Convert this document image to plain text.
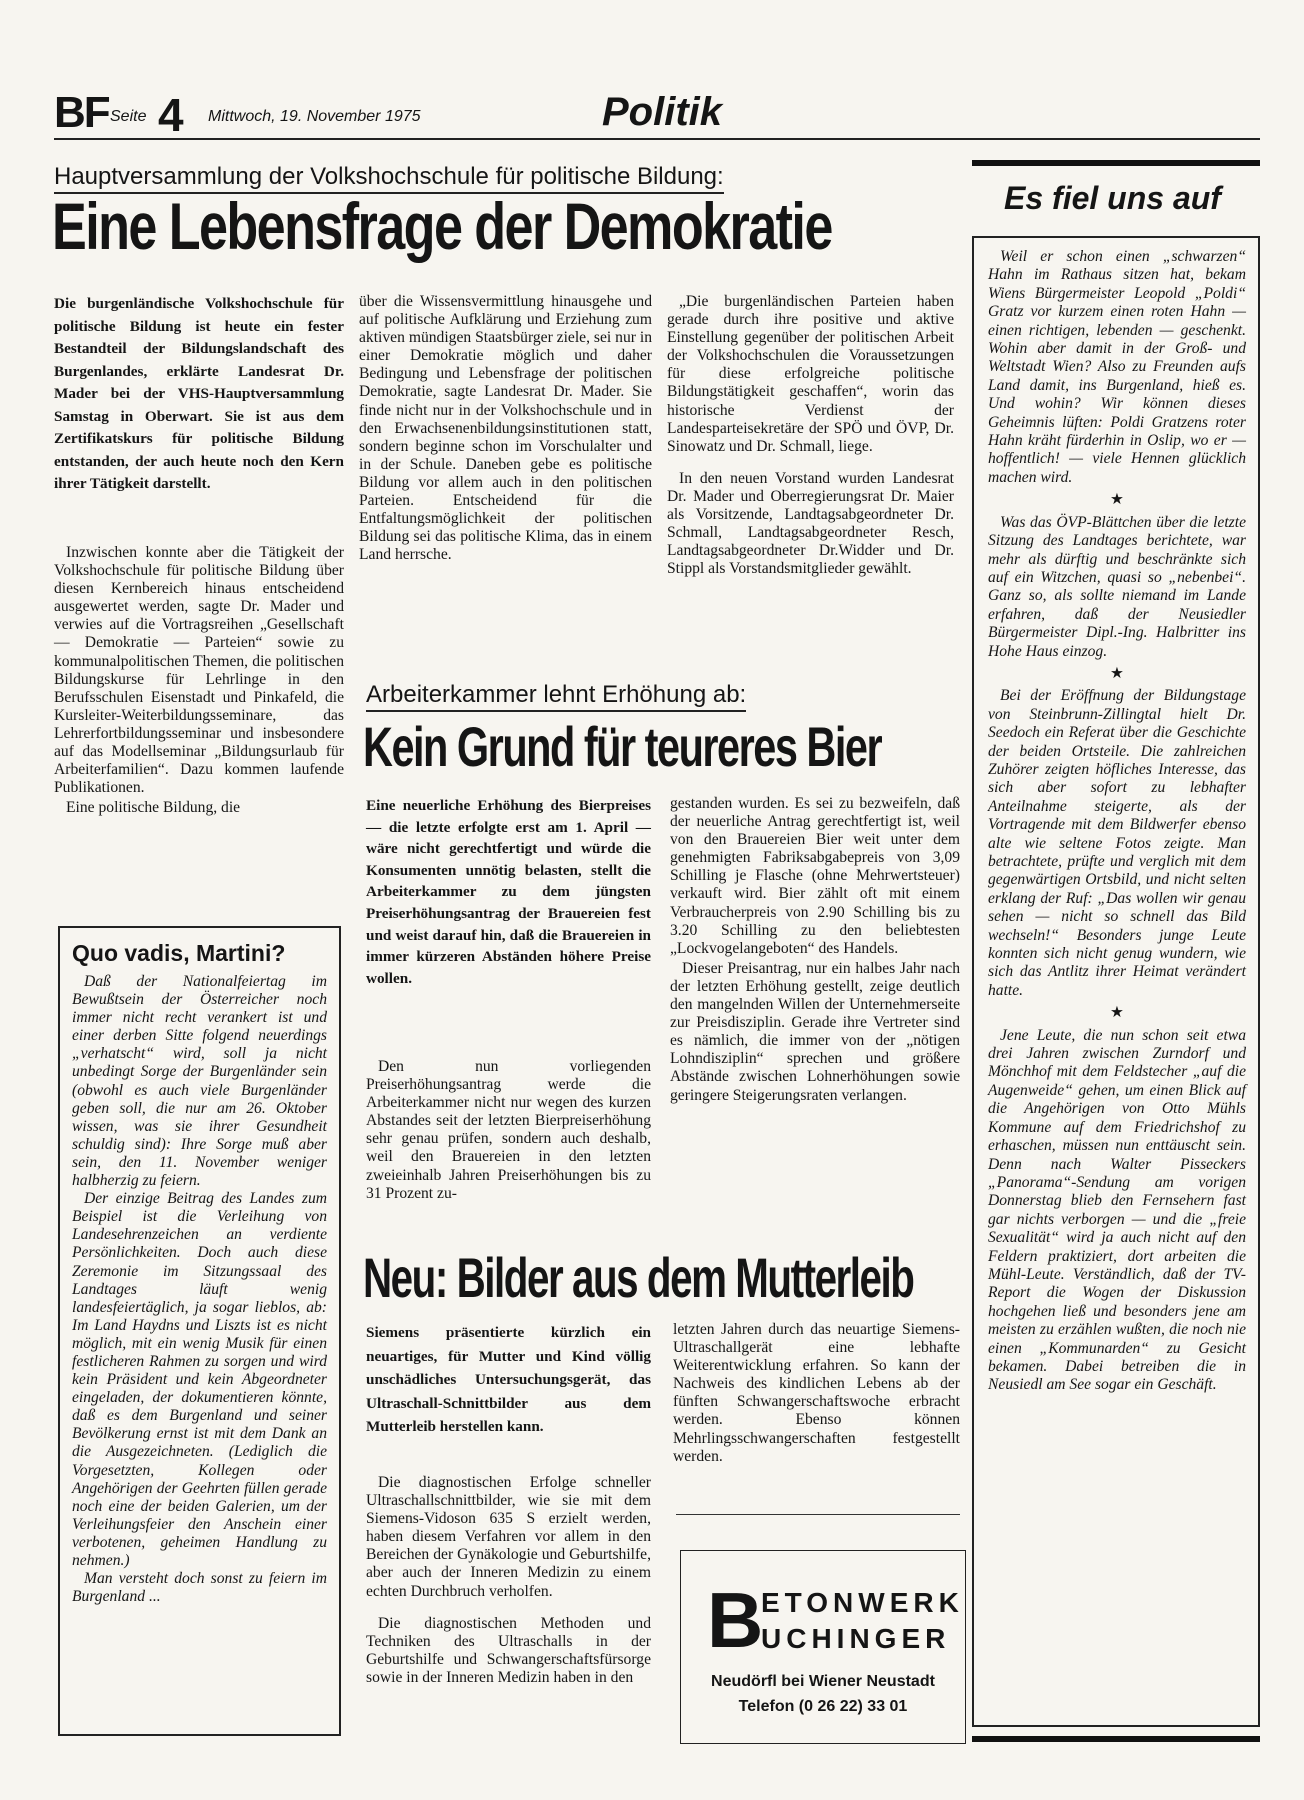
BF Seite 4 Mittwoch, 19. November 1975	Politik
Hauptversammlung der Volkshochschule für politische Bildung:
Eine Lebensfrage der Demokratie
Die burgenländische Volkshochschule für politische Bildung ist heute ein fester Bestandteil der Bildungslandschaft des Burgenlandes, erklärte Landesrat Dr. Mader bei der VHS-Hauptversammlung Samstag in Oberwart. Sie ist aus dem Zertifikatskurs für politische Bildung entstanden, der auch heute noch den Kern ihrer Tätigkeit darstellt.

Inzwischen konnte aber die Tätigkeit der Volkshochschule für politische Bildung über diesen Kernbereich hinaus entscheidend ausgewertet werden, sagte Dr. Mader und verwies auf die Vortragsreihen „Gesellschaft — Demokratie — Parteien“ sowie zu kommunalpolitischen Themen, die politischen Bildungskurse für Lehrlinge in den Berufsschulen Eisenstadt und Pinkafeld, die Kursleiter-Weiterbildungsseminare, das Lehrerfortbildungsseminar und insbesondere auf das Modellseminar „Bildungsurlaub für Arbeiterfamilien“. Dazu kommen laufende Publikationen.

Eine politische Bildung, die

über die Wissensvermittlung hinausgehe und auf politische Aufklärung und Erziehung zum aktiven mündigen Staatsbürger ziele, sei nur in einer Demokratie möglich und daher Bedingung und Lebensfrage der politischen Demokratie, sagte Landesrat Dr. Mader. Sie finde nicht nur in der Volkshochschule und in den Erwachsenenbildungsinstitutionen statt, sondern beginne schon im Vorschulalter und in der Schule. Daneben gebe es politische Bildung vor allem auch in den politischen Parteien. Entscheidend für die Entfaltungsmöglichkeit der politischen Bildung sei das politische Klima, das in einem Land herrsche.

„Die burgenländischen Parteien haben gerade durch ihre positive und aktive Einstellung gegenüber der politischen Arbeit der Volkshochschulen die Voraussetzungen für diese erfolgreiche politische Bildungstätigkeit geschaffen“, worin das historische Verdienst der Landesparteisekretäre der SPÖ und ÖVP, Dr. Sinowatz und Dr. Schmall, liege.

In den neuen Vorstand wurden Landesrat Dr. Mader und Oberregierungsrat Dr. Maier als Vorsitzende, Landtagsabgeordneter Dr. Schmall, Landtagsabgeordneter Resch, Landtagsabgeordneter Dr.Widder und Dr. Stippl als Vorstandsmitglieder gewählt.

Quo vadis, Martini?

Daß der Nationalfeiertag im Bewußtsein der Österreicher noch immer nicht recht verankert ist und einer derben Sitte folgend neuerdings „verhatscht“ wird, soll ja nicht unbedingt Sorge der Burgenländer sein (obwohl es auch viele Burgenländer geben soll, die nur am 26. Oktober wissen, was sie ihrer Gesundheit schuldig sind): Ihre Sorge muß aber sein, den 11. November weniger halbherzig zu feiern.

Der einzige Beitrag des Landes zum Beispiel ist die Verleihung von Landesehrenzeichen an verdiente Persönlichkeiten. Doch auch diese Zeremonie im Sitzungssaal des Landtages läuft wenig landesfeiertäglich, ja sogar lieblos, ab: Im Land Haydns und Liszts ist es nicht möglich, mit ein wenig Musik für einen festlicheren Rahmen zu sorgen und wird kein Präsident und kein Abgeordneter eingeladen, der dokumentieren könnte, daß es dem Burgenland und seiner Bevölkerung ernst ist mit dem Dank an die Ausgezeichneten. (Lediglich die Vorgesetzten, Kollegen oder Angehörigen der Geehrten füllen gerade noch eine der beiden Galerien, um der Verleihungsfeier den Anschein einer verbotenen, geheimen Handlung zu nehmen.)

Man versteht doch sonst zu feiern im Burgenland ...

Arbeiterkammer lehnt Erhöhung ab:
Kein Grund für teureres Bier
Eine neuerliche Erhöhung des Bierpreises — die letzte erfolgte erst am 1. April — wäre nicht gerechtfertigt und würde die Konsumenten unnötig belasten, stellt die Arbeiterkammer zu dem jüngsten Preiserhöhungsantrag der Brauereien fest und weist darauf hin, daß die Brauereien in immer kürzeren Abständen höhere Preise wollen.

Den nun vorliegenden Preiserhöhungsantrag werde die Arbeiterkammer nicht nur wegen des kurzen Abstandes seit der letzten Bierpreiserhöhung sehr genau prüfen, sondern auch deshalb, weil den Brauereien in den letzten zweieinhalb Jahren Preiserhöhungen bis zu 31 Prozent zu-

gestanden wurden. Es sei zu bezweifeln, daß der neuerliche Antrag gerechtfertigt ist, weil von den Brauereien Bier weit unter dem genehmigten Fabriksabgabepreis von 3,09 Schilling je Flasche (ohne Mehrwertsteuer) verkauft wird. Bier zählt oft mit einem Verbraucherpreis von 2.90 Schilling bis zu 3.20 Schilling zu den beliebtesten „Lockvogelangeboten“ des Handels.

Dieser Preisantrag, nur ein halbes Jahr nach der letzten Erhöhung gestellt, zeige deutlich den mangelnden Willen der Unternehmerseite zur Preisdisziplin. Gerade ihre Vertreter sind es nämlich, die immer von der „nötigen Lohndisziplin“ sprechen und größere Abstände zwischen Lohnerhöhungen sowie geringere Steigerungsraten verlangen.

Neu: Bilder aus dem Mutterleib
Siemens präsentierte kürzlich ein neuartiges, für Mutter und Kind völlig unschädliches Untersuchungsgerät, das Ultraschall-Schnittbilder aus dem Mutterleib herstellen kann.

Die diagnostischen Erfolge schneller Ultraschallschnittbilder, wie sie mit dem Siemens-Vidoson 635 S erzielt werden, haben diesem Verfahren vor allem in den Bereichen der Gynäkologie und Geburtshilfe, aber auch der Inneren Medizin zu einem echten Durchbruch verholfen.

Die diagnostischen Methoden und Techniken des Ultraschalls in der Geburtshilfe und Schwangerschaftsfürsorge sowie in der Inneren Medizin haben in den

letzten Jahren durch das neuartige Siemens-Ultraschallgerät eine lebhafte Weiterentwicklung erfahren. So kann der Nachweis des kindlichen Lebens ab der fünften Schwangerschaftswoche erbracht werden. Ebenso können Mehrlingsschwangerschaften festgestellt werden.

B
ETONWERK
UCHINGER
Neudörfl bei Wiener Neustadt
Telefon (0 26 22) 33 01
Es fiel uns auf

Weil er schon einen „schwarzen“ Hahn im Rathaus sitzen hat, bekam Wiens Bürgermeister Leopold „Poldi“ Gratz vor kurzem einen roten Hahn — einen richtigen, lebenden — geschenkt. Wohin aber damit in der Groß- und Weltstadt Wien? Also zu Freunden aufs Land damit, ins Burgenland, hieß es. Und wohin? Wir können dieses Geheimnis lüften: Poldi Gratzens roter Hahn kräht fürderhin in Oslip, wo er — hoffentlich! — viele Hennen glücklich machen wird.

★

Was das ÖVP-Blättchen über die letzte Sitzung des Landtages berichtete, war mehr als dürftig und beschränkte sich auf ein Witzchen, quasi so „nebenbei“. Ganz so, als sollte niemand im Lande erfahren, daß der Neusiedler Bürgermeister Dipl.-Ing. Halbritter ins Hohe Haus einzog.

★

Bei der Eröffnung der Bildungstage von Steinbrunn-Zillingtal hielt Dr. Seedoch ein Referat über die Geschichte der beiden Ortsteile. Die zahlreichen Zuhörer zeigten höfliches Interesse, das sich aber sofort zu lebhafter Anteilnahme steigerte, als der Vortragende mit dem Bildwerfer ebenso alte wie seltene Fotos zeigte. Man betrachtete, prüfte und verglich mit dem gegenwärtigen Ortsbild, und nicht selten erklang der Ruf: „Das wollen wir genau sehen — nicht so schnell das Bild wechseln!“ Besonders junge Leute konnten sich nicht genug wundern, wie sich das Antlitz ihrer Heimat verändert hatte.

★

Jene Leute, die nun schon seit etwa drei Jahren zwischen Zurndorf und Mönchhof mit dem Feldstecher „auf die Augenweide“ gehen, um einen Blick auf die Angehörigen von Otto Mühls Kommune auf dem Friedrichshof zu erhaschen, müssen nun enttäuscht sein. Denn nach Walter Pisseckers „Panorama“-Sendung am vorigen Donnerstag blieb den Fernsehern fast gar nichts verborgen — und die „freie Sexualität“ wird ja auch nicht auf den Feldern praktiziert, dort arbeiten die Mühl-Leute. Verständlich, daß der TV-Report die Wogen der Diskussion hochgehen ließ und besonders jene am meisten zu erzählen wußten, die noch nie einen „Kommunarden“ zu Gesicht bekamen. Dabei betreiben die in Neusiedl am See sogar ein Geschäft.
